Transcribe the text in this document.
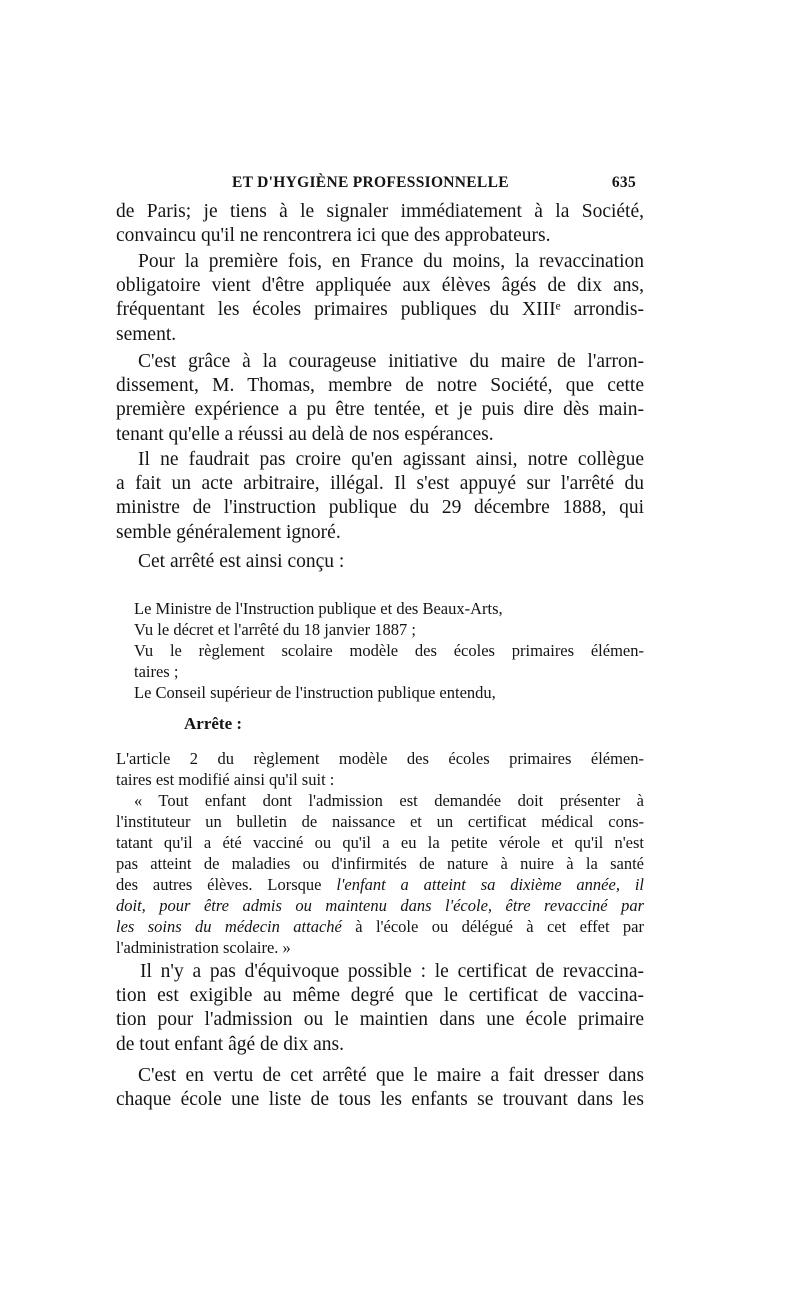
ET D'HYGIÈNE PROFESSIONNELLE	635

de Paris; je tiens à le signaler immédiatement à la Société,
convaincu qu'il ne rencontrera ici que des approbateurs.

Pour la première fois, en France du moins, la revaccination
obligatoire vient d'être appliquée aux élèves âgés de dix ans,
fréquentant les écoles primaires publiques du XIIIᵉ arrondis-
sement.

C'est grâce à la courageuse initiative du maire de l'arron-
dissement, M. Thomas, membre de notre Société, que cette
première expérience a pu être tentée, et je puis dire dès main-
tenant qu'elle a réussi au delà de nos espérances.

Il ne faudrait pas croire qu'en agissant ainsi, notre collègue
a fait un acte arbitraire, illégal. Il s'est appuyé sur l'arrêté du
ministre de l'instruction publique du 29 décembre 1888, qui
semble généralement ignoré.

Cet arrêté est ainsi conçu :

Le Ministre de l'Instruction publique et des Beaux-Arts,
Vu le décret et l'arrêté du 18 janvier 1887 ;
Vu le règlement scolaire modèle des écoles primaires élémen-
taires ;
Le Conseil supérieur de l'instruction publique entendu,

Arrête :

L'article 2 du règlement modèle des écoles primaires élémen-
taires est modifié ainsi qu'il suit :
« Tout enfant dont l'admission est demandée doit présenter à
l'instituteur un bulletin de naissance et un certificat médical cons-
tatant qu'il a été vacciné ou qu'il a eu la petite vérole et qu'il n'est
pas atteint de maladies ou d'infirmités de nature à nuire à la santé
des autres élèves. Lorsque l'enfant a atteint sa dixième année, il
doit, pour être admis ou maintenu dans l'école, être revacciné par
les soins du médecin attaché à l'école ou délégué à cet effet par
l'administration scolaire. »

Il n'y a pas d'équivoque possible : le certificat de revaccina-
tion est exigible au même degré que le certificat de vaccina-
tion pour l'admission ou le maintien dans une école primaire
de tout enfant âgé de dix ans.

C'est en vertu de cet arrêté que le maire a fait dresser dans
chaque école une liste de tous les enfants se trouvant dans les
